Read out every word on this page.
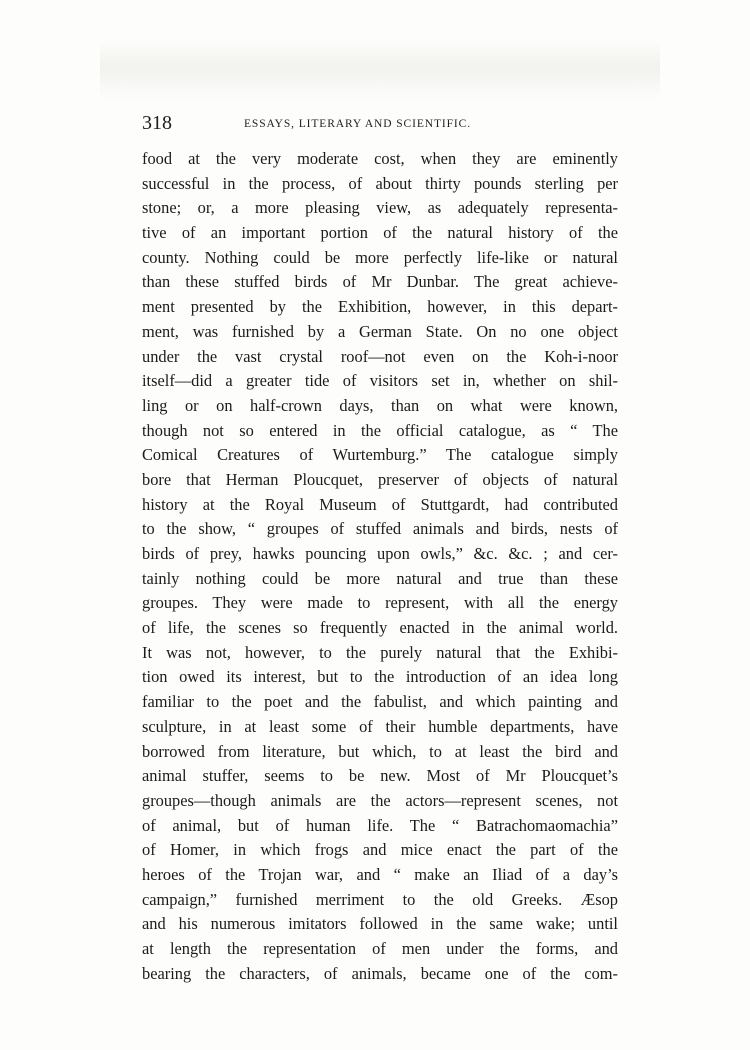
318	ESSAYS, LITERARY AND SCIENTIFIC.
food at the very moderate cost, when they are eminently
successful in the process, of about thirty pounds sterling per
stone; or, a more pleasing view, as adequately representa-
tive of an important portion of the natural history of the
county. Nothing could be more perfectly life-like or natural
than these stuffed birds of Mr Dunbar. The great achieve-
ment presented by the Exhibition, however, in this depart-
ment, was furnished by a German State. On no one object
under the vast crystal roof—not even on the Koh-i-noor
itself—did a greater tide of visitors set in, whether on shil-
ling or on half-crown days, than on what were known,
though not so entered in the official catalogue, as “ The
Comical Creatures of Wurtemburg.” The catalogue simply
bore that Herman Ploucquet, preserver of objects of natural
history at the Royal Museum of Stuttgardt, had contributed
to the show, “ groupes of stuffed animals and birds, nests of
birds of prey, hawks pouncing upon owls,” &c. &c. ; and cer-
tainly nothing could be more natural and true than these
groupes. They were made to represent, with all the energy
of life, the scenes so frequently enacted in the animal world.
It was not, however, to the purely natural that the Exhibi-
tion owed its interest, but to the introduction of an idea long
familiar to the poet and the fabulist, and which painting and
sculpture, in at least some of their humble departments, have
borrowed from literature, but which, to at least the bird and
animal stuffer, seems to be new. Most of Mr Ploucquet’s
groupes—though animals are the actors—represent scenes, not
of animal, but of human life. The “ Batrachomaomachia”
of Homer, in which frogs and mice enact the part of the
heroes of the Trojan war, and “ make an Iliad of a day’s
campaign,” furnished merriment to the old Greeks. Æsop
and his numerous imitators followed in the same wake; until
at length the representation of men under the forms, and
bearing the characters, of animals, became one of the com-
